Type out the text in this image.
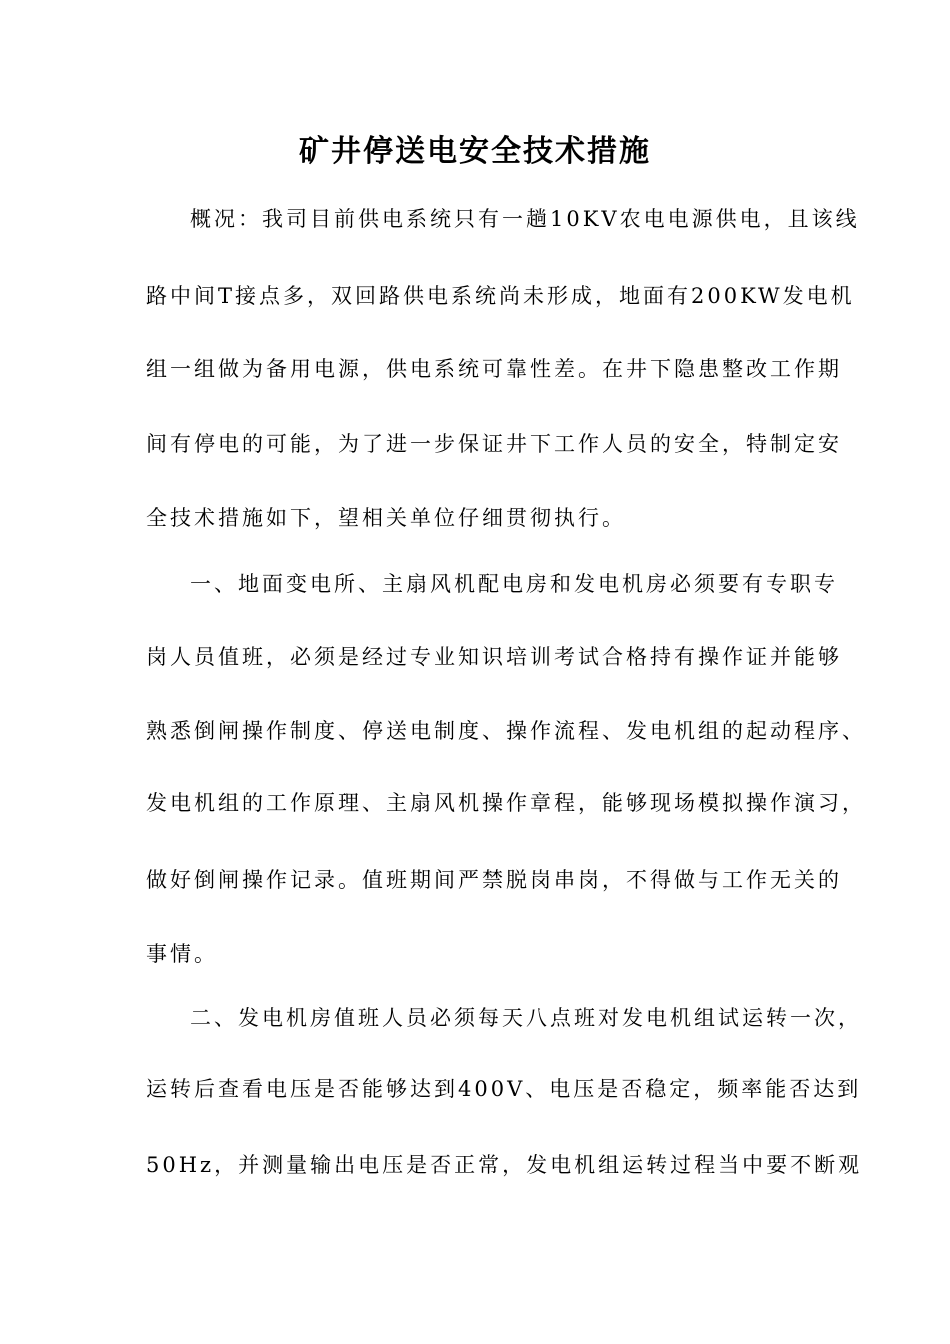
矿井停送电安全技术措施
概况：我司目前供电系统只有一趟10KV农电电源供电，且该线
路中间T接点多，双回路供电系统尚未形成，地面有200KW发电机
组一组做为备用电源，供电系统可靠性差。在井下隐患整改工作期
间有停电的可能，为了进一步保证井下工作人员的安全，特制定安
全技术措施如下，望相关单位仔细贯彻执行。
一、地面变电所、主扇风机配电房和发电机房必须要有专职专
岗人员值班，必须是经过专业知识培训考试合格持有操作证并能够
熟悉倒闸操作制度、停送电制度、操作流程、发电机组的起动程序、
发电机组的工作原理、主扇风机操作章程，能够现场模拟操作演习，
做好倒闸操作记录。值班期间严禁脱岗串岗，不得做与工作无关的
事情。
二、发电机房值班人员必须每天八点班对发电机组试运转一次，
运转后查看电压是否能够达到400V、电压是否稳定，频率能否达到
50Hz，并测量输出电压是否正常，发电机组运转过程当中要不断观
